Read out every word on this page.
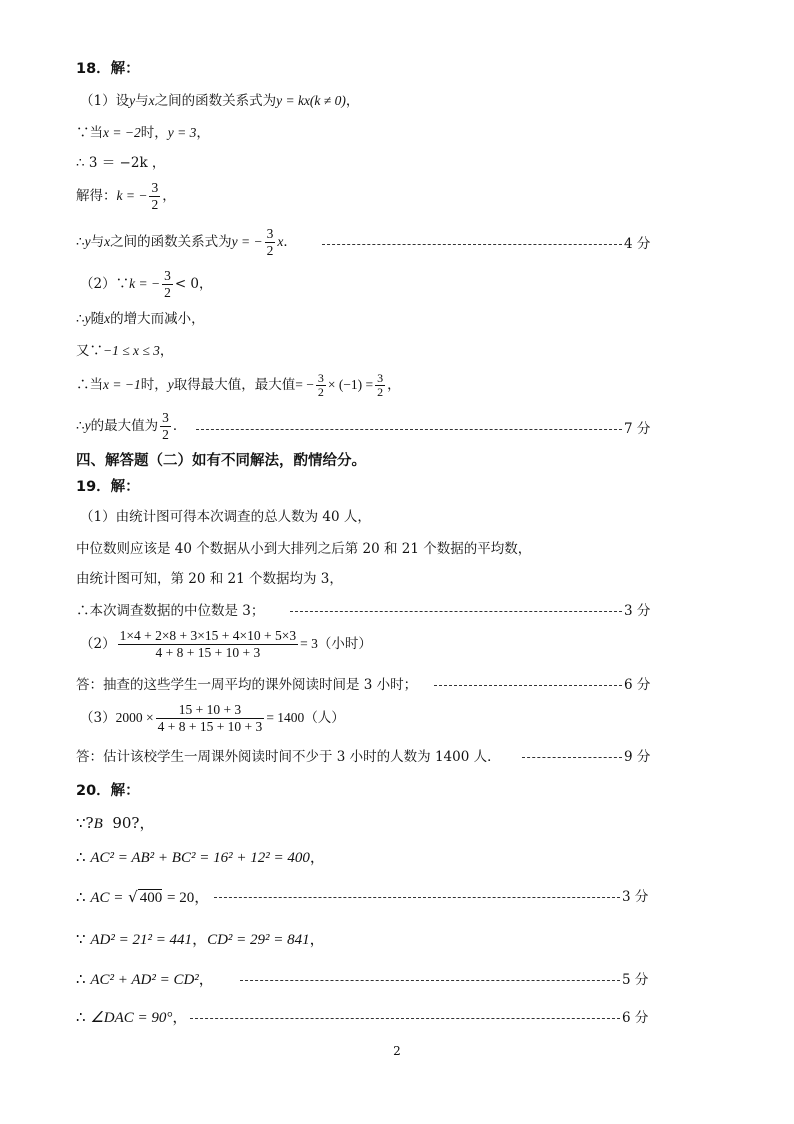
18．解：
（1）设y与x之间的函数关系式为y = kx(k ≠ 0)，
∵当x = −2时，y = 3，
∴ 3 ＝ −2k ，
解得：k = − $\frac{3}{2}$ ，
∴y与x之间的函数关系式为y = − $\frac{3}{2}$ x．	4 分
（2）∵k = − $\frac{3}{2} < 0$，
∴y随x的增大而减小，
又∵−1 ≤ x ≤ 3，
∴当x = −1时，y取得最大值，最大值= − $\frac{3}{2} \times (-1) = \frac{3}{2}$ ，
∴y的最大值为 $\frac{3}{2}$ ．	7 分
四、解答题（二）如有不同解法，酌情给分。
19．解：
（1）由统计图可得本次调查的总人数为 40 人，
中位数则应该是 40 个数据从小到大排列之后第 20 和 21 个数据的平均数，
由统计图可知，第 20 和 21 个数据均为 3，
∴本次调查数据的中位数是 3；	3 分
$(2) \frac{1\times 4 + 2\times 8 + 3\times 15 + 4\times 10 + 5\times 3}{4 + 8 + 15 + 10 + 3} = 3$（小时）
答：抽查的这些学生一周平均的课外阅读时间是 3 小时；	6 分
$(3)2000 \times \frac{15 + 10 + 3}{4 + 8 + 15 + 10 + 3} = 1400$（人）
答：估计该校学生一周课外阅读时间不少于 3 小时的人数为 1400 人．	9 分
20．解：
∵?B 90?，
∴ AC² = AB² + BC² = 16² + 12² = 400，
∴ AC = √ 400 = 20，	3 分
∵ AD² = 21² = 441，CD² = 29² = 841，
∴ AC² + AD² = CD²，	5 分
∴ ∠DAC = 90°，	6 分
2
